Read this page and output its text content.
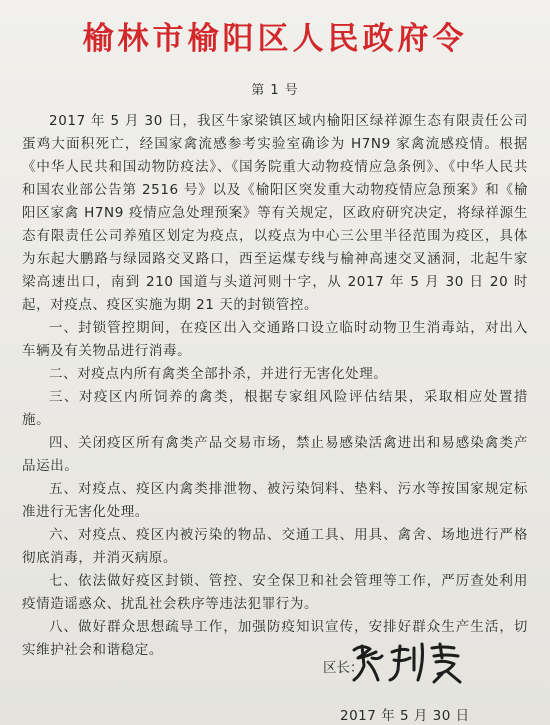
榆林市榆阳区人民政府令
第 1 号

2017 年 5 月 30 日，我区牛家梁镇区域内榆阳区绿祥源生态有限责任公司蛋鸡大面积死亡，经国家禽流感参考实验室确诊为 H7N9 家禽流感疫情。根据《中华人民共和国动物防疫法》、《国务院重大动物疫情应急条例》、《中华人民共和国农业部公告第 2516 号》以及《榆阳区突发重大动物疫情应急预案》和《榆阳区家禽 H7N9 疫情应急处理预案》等有关规定，区政府研究决定，将绿祥源生态有限责任公司养殖区划定为疫点，以疫点为中心三公里半径范围为疫区，具体为东起大鹏路与绿园路交叉路口，西至运煤专线与榆神高速交叉涵洞，北起牛家梁高速出口，南到 210 国道与头道河则十字，从 2017 年 5 月 30 日 20 时起，对疫点、疫区实施为期 21 天的封锁管控。

一、封锁管控期间，在疫区出入交通路口设立临时动物卫生消毒站，对出入车辆及有关物品进行消毒。

二、对疫点内所有禽类全部扑杀，并进行无害化处理。

三、对疫区内所饲养的禽类，根据专家组风险评估结果，采取相应处置措施。

四、关闭疫区所有禽类产品交易市场，禁止易感染活禽进出和易感染禽类产品运出。

五、对疫点、疫区内禽类排泄物、被污染饲料、垫料、污水等按国家规定标准进行无害化处理。

六、对疫点、疫区内被污染的物品、交通工具、用具、禽舍、场地进行严格彻底消毒，并消灭病原。

七、依法做好疫区封锁、管控、安全保卫和社会管理等工作，严厉查处利用疫情造谣惑众、扰乱社会秩序等违法犯罪行为。

八、做好群众思想疏导工作，加强防疫知识宣传，安排好群众生产生活，切实维护社会和谐稳定。

区长：
2017 年 5 月 30 日
